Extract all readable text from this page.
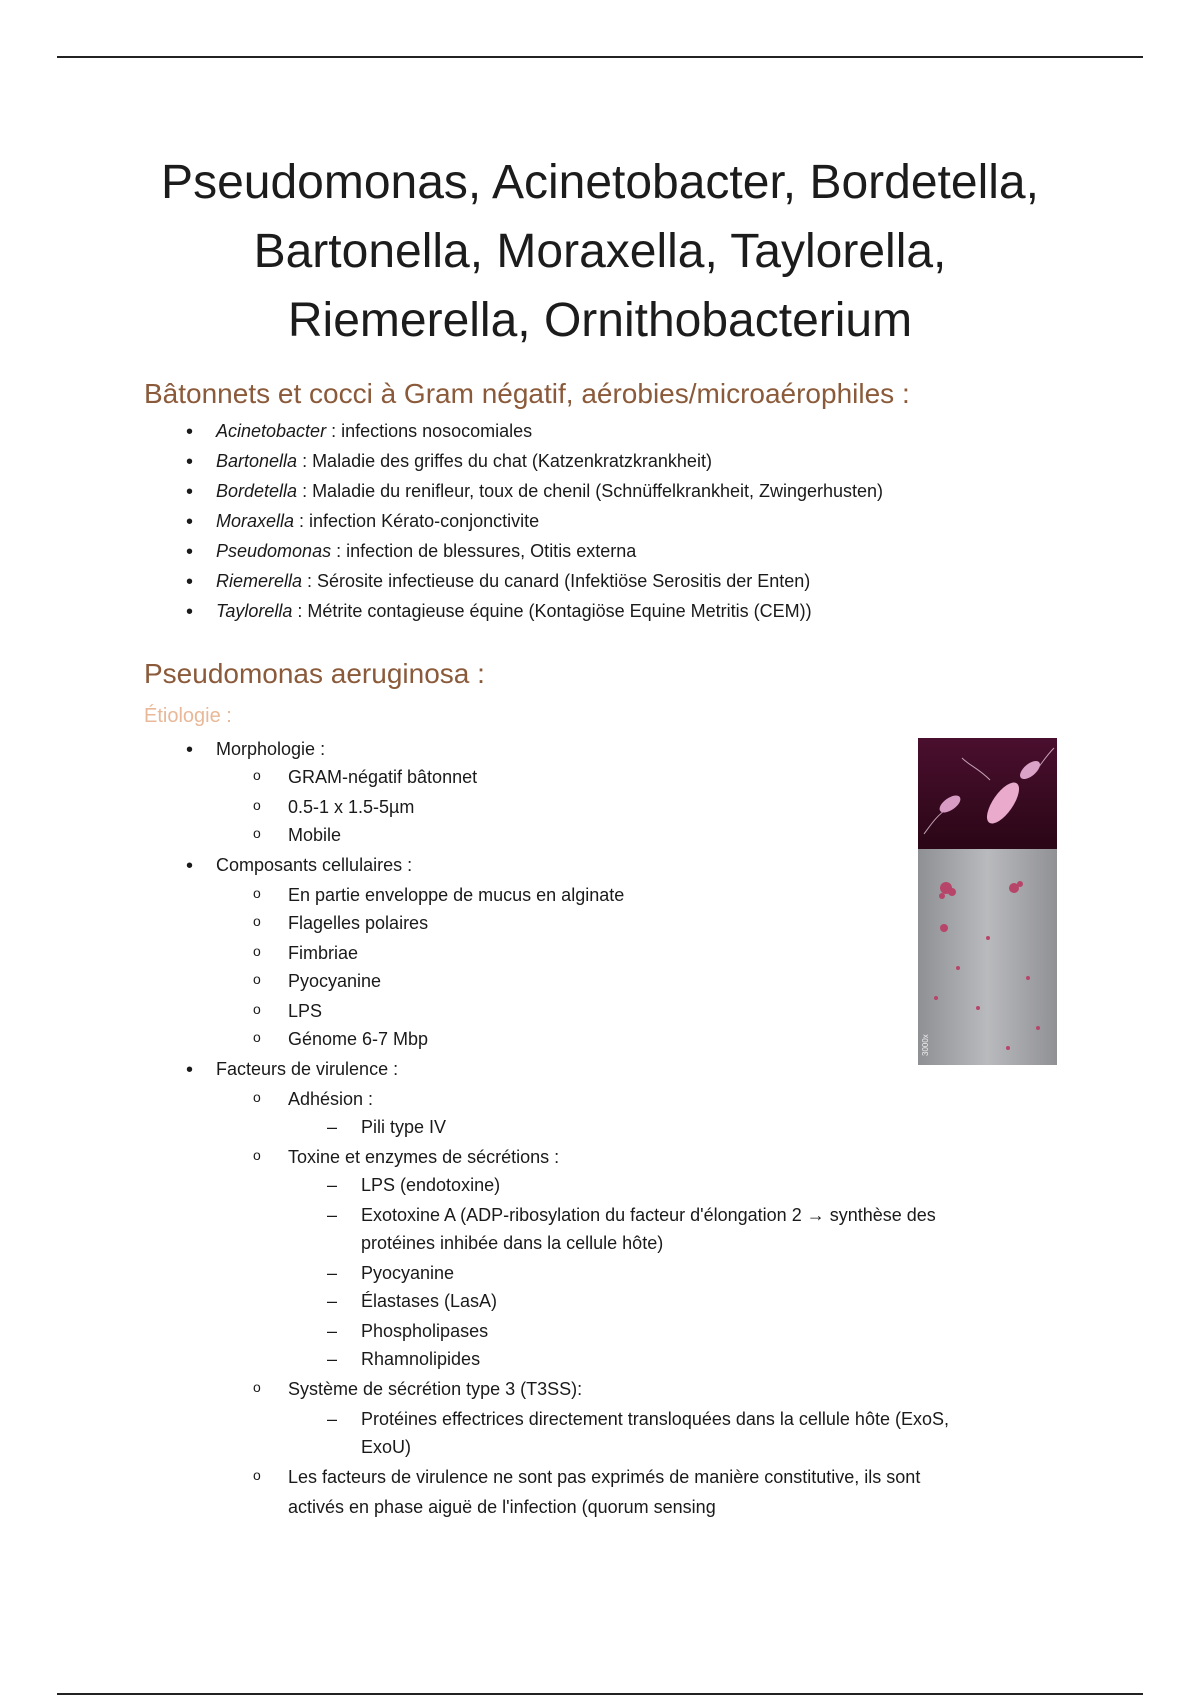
Pseudomonas, Acinetobacter, Bordetella,
Bartonella, Moraxella, Taylorella,
Riemerella, Ornithobacterium
Bâtonnets et cocci à Gram négatif, aérobies/microaérophiles :
• Acinetobacter : infections nosocomiales
• Bartonella : Maladie des griffes du chat (Katzenkratzkrankheit)
• Bordetella : Maladie du renifleur, toux de chenil (Schnüffelkrankheit, Zwingerhusten)
• Moraxella : infection Kérato-conjonctivite
• Pseudomonas : infection de blessures, Otitis externa
• Riemerella : Sérosite infectieuse du canard (Infektiöse Serositis der Enten)
• Taylorella : Métrite contagieuse équine (Kontagiöse Equine Metritis (CEM))
Pseudomonas aeruginosa :
Étiologie :
• Morphologie :
o GRAM-négatif bâtonnet
o 0.5-1 x 1.5-5µm
o Mobile
• Composants cellulaires :
o En partie enveloppe de mucus en alginate
o Flagelles polaires
o Fimbriae
o Pyocyanine
o LPS
o Génome 6-7 Mbp
• Facteurs de virulence :
o Adhésion :
– Pili type IV
o Toxine et enzymes de sécrétions :
– LPS (endotoxine)
– Exotoxine A (ADP-ribosylation du facteur d'élongation 2 → synthèse des
protéines inhibée dans la cellule hôte)
– Pyocyanine
– Élastases (LasA)
– Phospholipases
– Rhamnolipides
o Système de sécrétion type 3 (T3SS):
– Protéines effectrices directement transloquées dans la cellule hôte (ExoS,
ExoU)
o Les facteurs de virulence ne sont pas exprimés de manière constitutive, ils sont
activés en phase aiguë de l'infection (quorum sensing
3000x
